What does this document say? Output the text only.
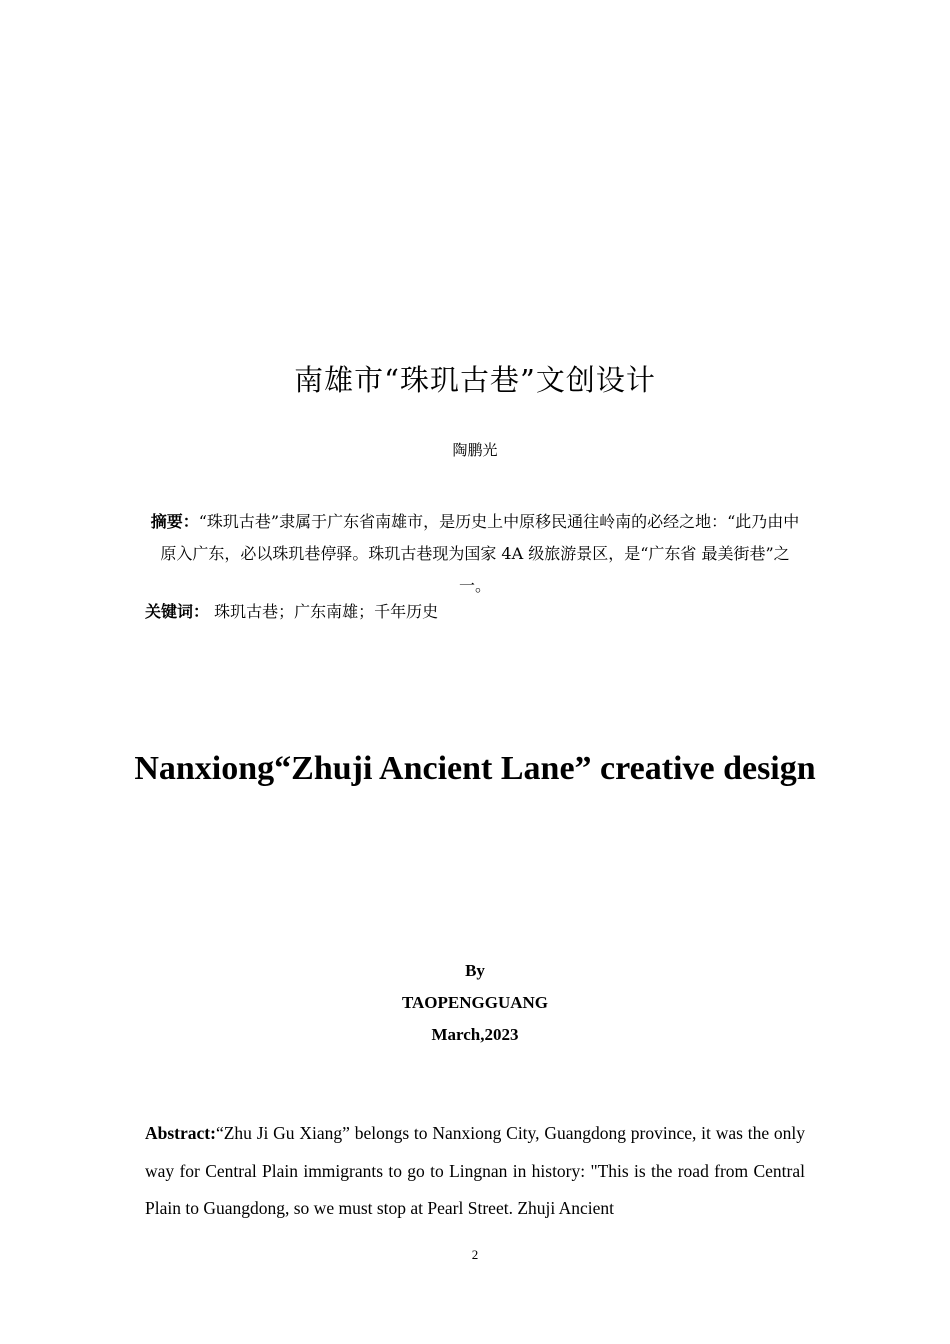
南雄市“珠玑古巷”文创设计
陶鹏光
摘要：“珠玑古巷”隶属于广东省南雄市，是历史上中原移民通往岭南的必经之地：“此乃由中原入广东，必以珠玑巷停驿。珠玑古巷现为国家 4A 级旅游景区，是“广东省 最美街巷”之一。
关键词： 珠玑古巷；广东南雄；千年历史
Nanxiong“Zhuji Ancient Lane” creative design
By
TAOPENGGUANG
March,2023
Abstract:“Zhu Ji Gu Xiang” belongs to Nanxiong City, Guangdong province, it was the only way for Central Plain immigrants to go to Lingnan in history: "This is the road from Central Plain to Guangdong, so we must stop at Pearl Street. Zhuji Ancient
2
